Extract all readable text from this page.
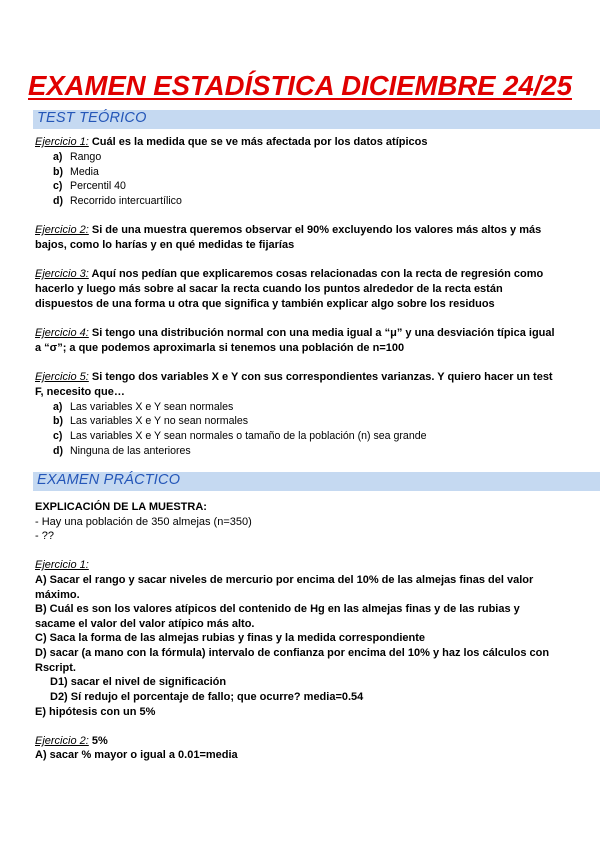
EXAMEN ESTADÍSTICA DICIEMBRE 24/25
TEST TEÓRICO
Ejercicio 1: Cuál es la medida que se ve más afectada por los datos atípicos
a) Rango
b) Media
c) Percentil 40
d) Recorrido intercuartílico
Ejercicio 2: Si de una muestra queremos observar el 90% excluyendo los valores más altos y más
bajos, como lo harías y en qué medidas te fijarías
Ejercicio 3: Aquí nos pedían que explicaremos cosas relacionadas con la recta de regresión como
hacerlo y luego más sobre al sacar la recta cuando los puntos alrededor de la recta están
dispuestos de una forma u otra que significa y también explicar algo sobre los residuos
Ejercicio 4: Si tengo una distribución normal con una media igual a “μ” y una desviación típica igual
a “σ”; a que podemos aproximarla si tenemos una población de n=100
Ejercicio 5: Si tengo dos variables X e Y con sus correspondientes varianzas. Y quiero hacer un test
F, necesito que…
a) Las variables X e Y sean normales
b) Las variables X e Y no sean normales
c) Las variables X e Y sean normales o tamaño de la población (n) sea grande
d) Ninguna de las anteriores
EXAMEN PRÁCTICO
EXPLICACIÓN DE LA MUESTRA:
- Hay una población de 350 almejas (n=350)
- ??
Ejercicio 1:
A) Sacar el rango y sacar niveles de mercurio por encima del 10% de las almejas finas del valor
máximo.
B) Cuál es son los valores atípicos del contenido de Hg en las almejas finas y de las rubias y
sacame el valor del valor atípico más alto.
C) Saca la forma de las almejas rubias y finas y la medida correspondiente
D) sacar (a mano con la fórmula) intervalo de confianza por encima del 10% y haz los cálculos con
Rscript.
D1) sacar el nivel de significación
D2) Sí redujo el porcentaje de fallo; que ocurre? media=0.54
E) hipótesis con un 5%
Ejercicio 2: 5%
A) sacar % mayor o igual a 0.01=media
